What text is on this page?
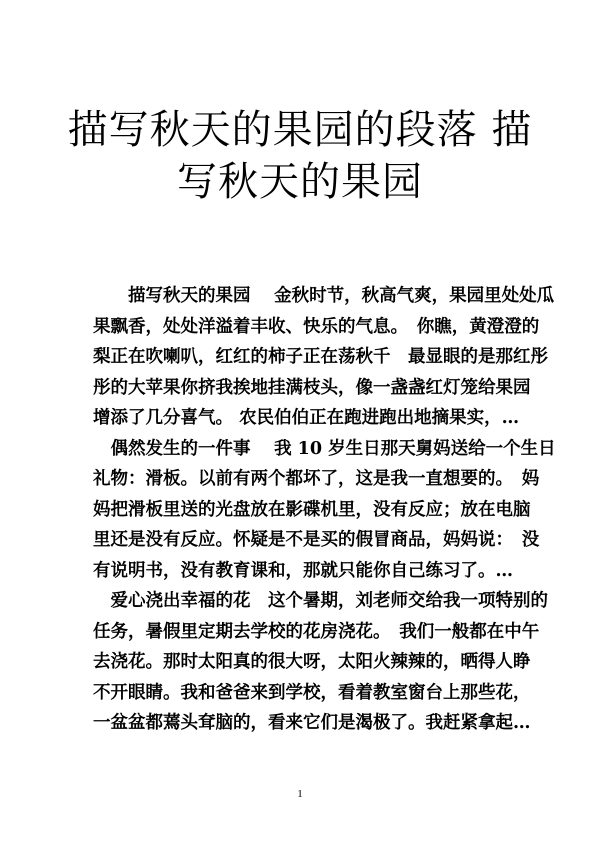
描写秋天的果园的段落 描
写秋天的果园
　　描写秋天的果园　 金秋时节，秋高气爽，果园里处处瓜
果飘香，处处洋溢着丰收、快乐的气息。　你瞧，黄澄澄的
梨正在吹喇叭，红红的柿子正在荡秋千　最显眼的是那红彤
彤的大苹果你挤我挨地挂满枝头，像一盏盏红灯笼给果园
增添了几分喜气。 农民伯伯正在跑进跑出地摘果实，…
　偶然发生的一件事　 我 10 岁生日那天舅妈送给一个生日
礼物：滑板。以前有两个都坏了，这是我一直想要的。　妈
妈把滑板里送的光盘放在影碟机里，没有反应；放在电脑
里还是没有反应。怀疑是不是买的假冒商品，妈妈说：　没
有说明书，没有教育课和，那就只能你自己练习了。…
　爱心浇出幸福的花　这个暑期，刘老师交给我一项特别的
任务，暑假里定期去学校的花房浇花。　我们一般都在中午
去浇花。那时太阳真的很大呀，太阳火辣辣的，晒得人睁
不开眼睛。我和爸爸来到学校，看着教室窗台上那些花，
一盆盆都蔫头耷脑的，看来它们是渴极了。我赶紧拿起…
1
